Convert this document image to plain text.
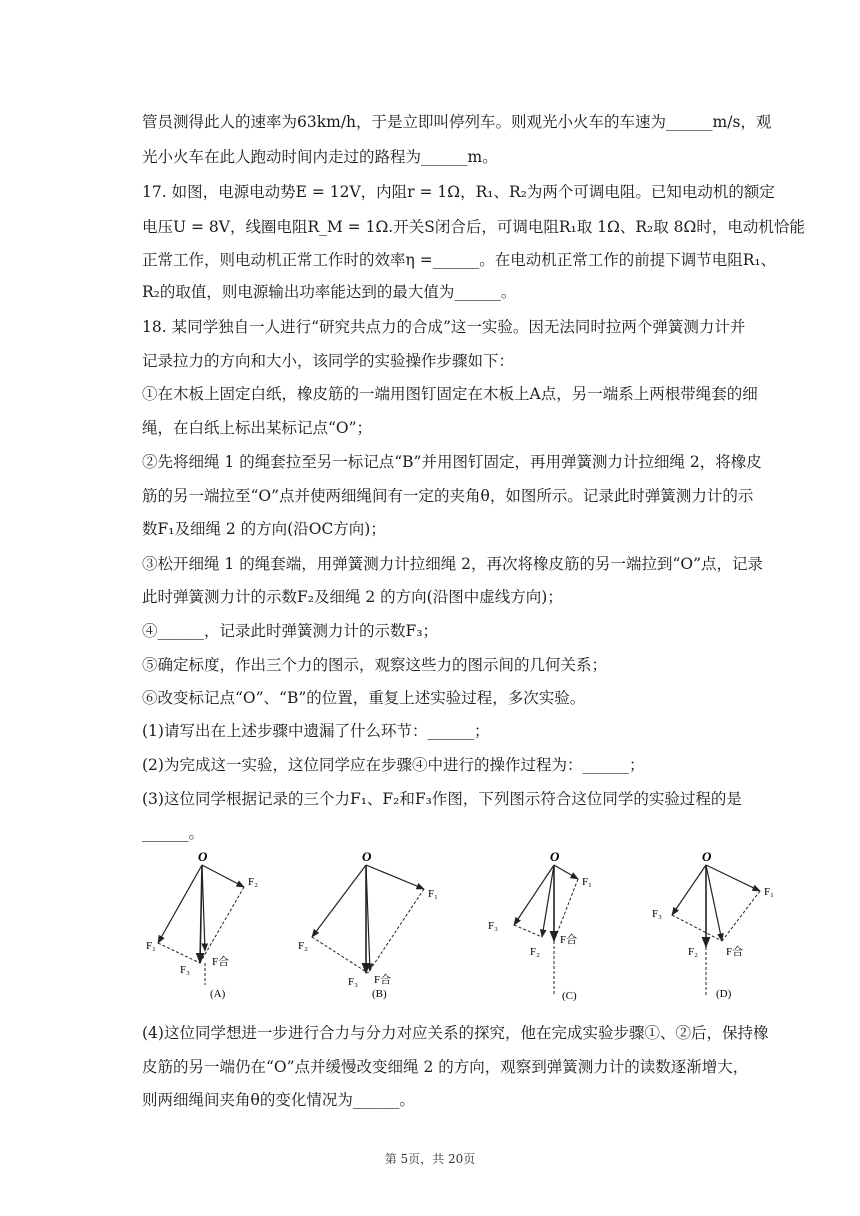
管员测得此人的速率为63km/h，于是立即叫停列车。则观光小火车的车速为______m/s，观
光小火车在此人跑动时间内走过的路程为______m。
17. 如图，电源电动势E = 12V，内阻r = 1Ω，R₁、R₂为两个可调电阻。已知电动机的额定
电压U = 8V，线圈电阻R_M = 1Ω.开关S闭合后，可调电阻R₁取 1Ω、R₂取 8Ω时，电动机恰能
正常工作，则电动机正常工作时的效率η =______。在电动机正常工作的前提下调节电阻R₁、
R₂的取值，则电源输出功率能达到的最大值为______。
18. 某同学独自一人进行“研究共点力的合成”这一实验。因无法同时拉两个弹簧测力计并
记录拉力的方向和大小，该同学的实验操作步骤如下：
①在木板上固定白纸，橡皮筋的一端用图钉固定在木板上A点，另一端系上两根带绳套的细
绳，在白纸上标出某标记点“O”；
②先将细绳 1 的绳套拉至另一标记点“B”并用图钉固定，再用弹簧测力计拉细绳 2，将橡皮
筋的另一端拉至“O”点并使两细绳间有一定的夹角θ，如图所示。记录此时弹簧测力计的示
数F₁及细绳 2 的方向(沿OC方向)；
③松开细绳 1 的绳套端，用弹簧测力计拉细绳 2，再次将橡皮筋的另一端拉到“O”点，记录
此时弹簧测力计的示数F₂及细绳 2 的方向(沿图中虚线方向)；
④______，记录此时弹簧测力计的示数F₃；
⑤确定标度，作出三个力的图示，观察这些力的图示间的几何关系；
⑥改变标记点“O”、“B”的位置，重复上述实验过程，多次实验。
(1)请写出在上述步骤中遗漏了什么环节：______；
(2)为完成这一实验，这位同学应在步骤④中进行的操作过程为：______；
(3)这位同学根据记录的三个力F₁、F₂和F₃作图，下列图示符合这位同学的实验过程的是
______。
(4)这位同学想进一步进行合力与分力对应关系的探究，他在完成实验步骤①、②后，保持橡
皮筋的另一端仍在“O”点并缓慢改变细绳 2 的方向，观察到弹簧测力计的读数逐渐增大，
则两细绳间夹角θ的变化情况为______。
O
F₁
F₂
F₃
F合
(A)
O
F₂
F₁
F₃ F合
(B)
O
F₃
F₁
F₂
F合
(C)
O
F₃
F₁
F₂	F合
(D)
第 5页，共 20页
